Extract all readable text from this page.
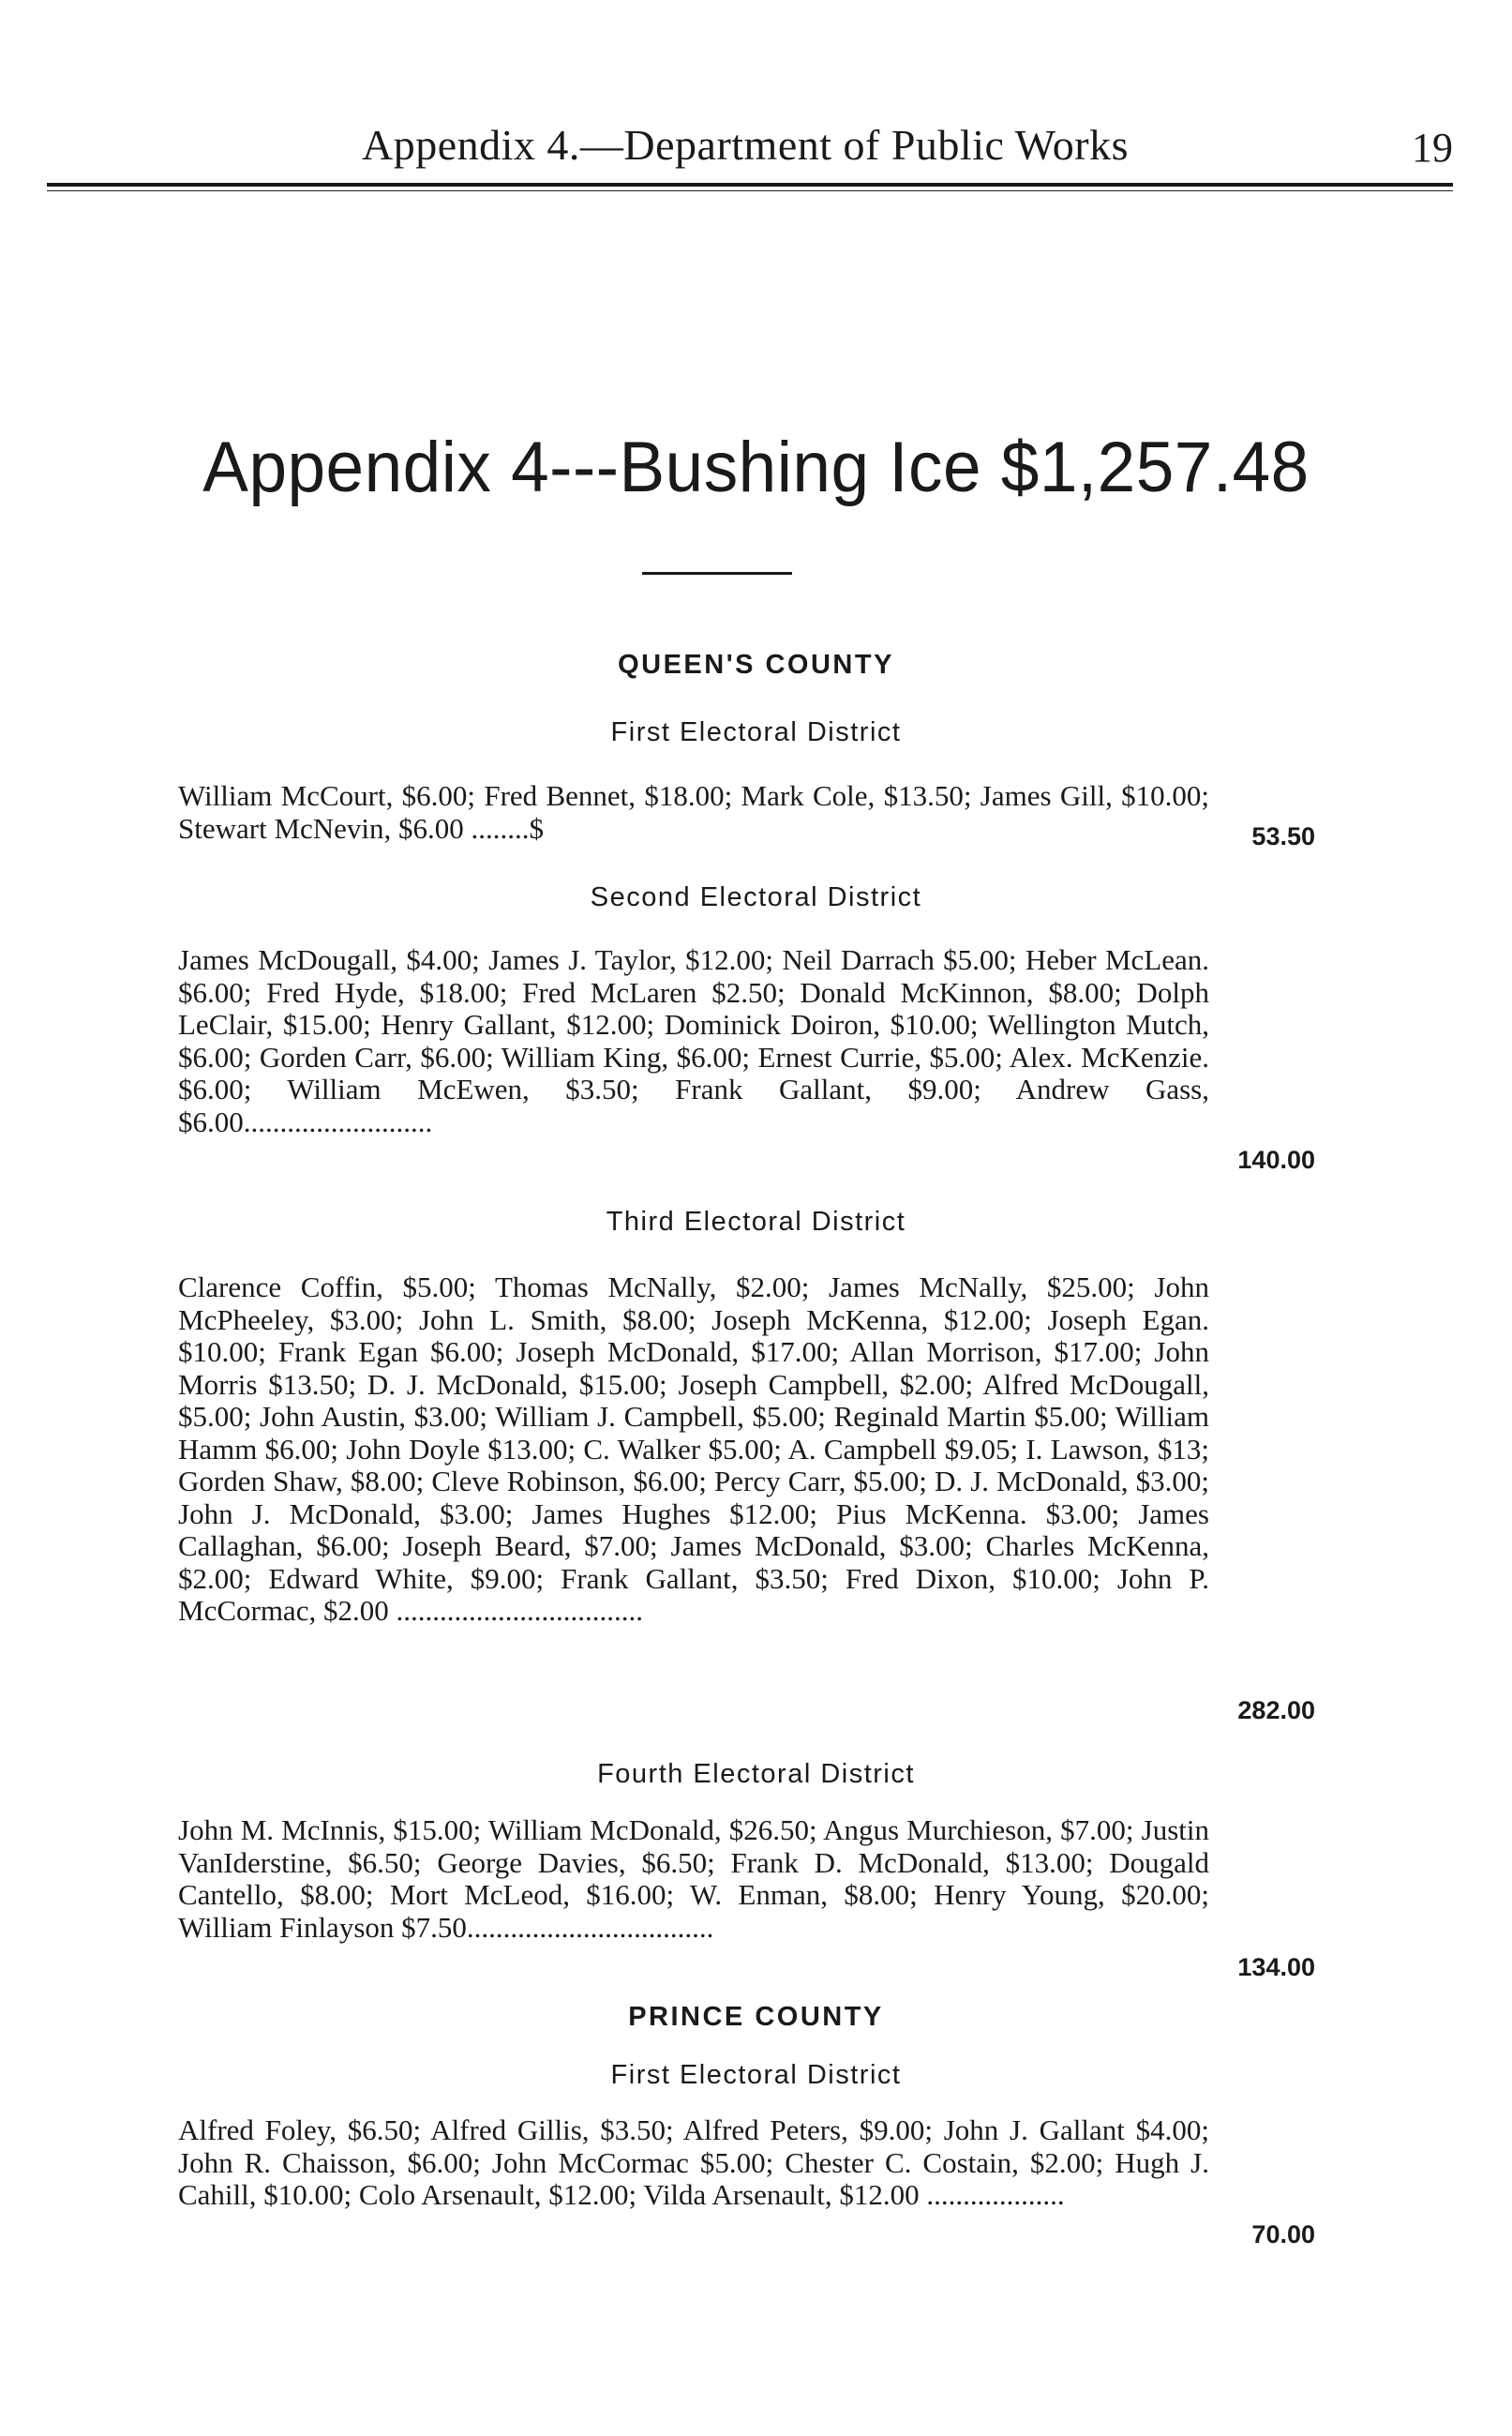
Appendix 4.—Department of Public Works	19
Appendix 4---Bushing Ice $1,257.48
QUEEN'S COUNTY
First Electoral District
William McCourt, $6.00; Fred Bennet, $18.00; Mark Cole, $13.50; James Gill, $10.00; Stewart McNevin, $6.00 ........$	53.50
Second Electoral District
James McDougall, $4.00; James J. Taylor, $12.00; Neil Darrach $5.00; Heber McLean. $6.00; Fred Hyde, $18.00; Fred McLaren $2.50; Donald McKinnon, $8.00; Dolph LeClair, $15.00; Henry Gallant, $12.00; Dominick Doiron, $10.00; Wellington Mutch, $6.00; Gorden Carr, $6.00; William King, $6.00; Ernest Currie, $5.00; Alex. McKenzie. $6.00; William McEwen, $3.50; Frank Gallant, $9.00; Andrew Gass, $6.00..........................
140.00
Third Electoral District
Clarence Coffin, $5.00; Thomas McNally, $2.00; James McNally, $25.00; John McPheeley, $3.00; John L. Smith, $8.00; Joseph McKenna, $12.00; Joseph Egan. $10.00; Frank Egan $6.00; Joseph McDonald, $17.00; Allan Morrison, $17.00; John Morris $13.50; D. J. McDonald, $15.00; Joseph Campbell, $2.00; Alfred McDougall, $5.00; John Austin, $3.00; William J. Campbell, $5.00; Reginald Martin $5.00; William Hamm $6.00; John Doyle $13.00; C. Walker $5.00; A. Campbell $9.05; I. Lawson, $13; Gorden Shaw, $8.00; Cleve Robinson, $6.00; Percy Carr, $5.00; D. J. McDonald, $3.00; John J. McDonald, $3.00; James Hughes $12.00; Pius McKenna. $3.00; James Callaghan, $6.00; Joseph Beard, $7.00; James McDonald, $3.00; Charles McKenna, $2.00; Edward White, $9.00; Frank Gallant, $3.50; Fred Dixon, $10.00; John P. McCormac, $2.00 ..................................
282.00
Fourth Electoral District
John M. McInnis, $15.00; William McDonald, $26.50; Angus Murchieson, $7.00; Justin VanIderstine, $6.50; George Davies, $6.50; Frank D. McDonald, $13.00; Dougald Cantello, $8.00; Mort McLeod, $16.00; W. Enman, $8.00; Henry Young, $20.00; William Finlayson $7.50..................................
134.00
PRINCE COUNTY
First Electoral District
Alfred Foley, $6.50; Alfred Gillis, $3.50; Alfred Peters, $9.00; John J. Gallant $4.00; John R. Chaisson, $6.00; John McCormac $5.00; Chester C. Costain, $2.00; Hugh J. Cahill, $10.00; Colo Arsenault, $12.00; Vilda Arsenault, $12.00 ...................
70.00
